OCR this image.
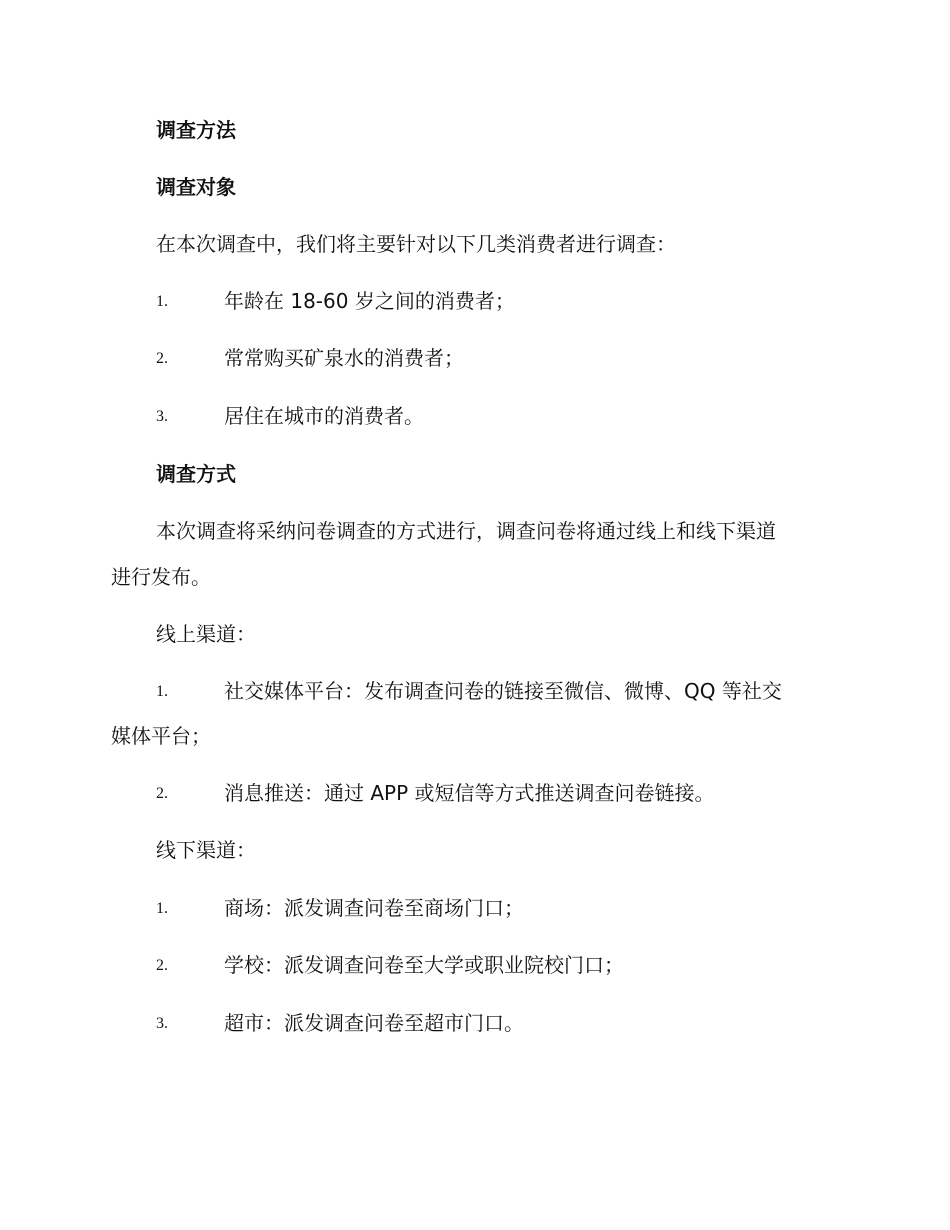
调查方法
调查对象
在本次调查中，我们将主要针对以下几类消费者进行调查：
1.	年龄在 18-60 岁之间的消费者；
2.	常常购买矿泉水的消费者；
3.	居住在城市的消费者。
调查方式
本次调查将采纳问卷调查的方式进行，调查问卷将通过线上和线下渠道
进行发布。
线上渠道：
1.	社交媒体平台：发布调查问卷的链接至微信、微博、QQ 等社交
媒体平台；
2.	消息推送：通过 APP 或短信等方式推送调查问卷链接。
线下渠道：
1.	商场：派发调查问卷至商场门口；
2.	学校：派发调查问卷至大学或职业院校门口；
3.	超市：派发调查问卷至超市门口。
